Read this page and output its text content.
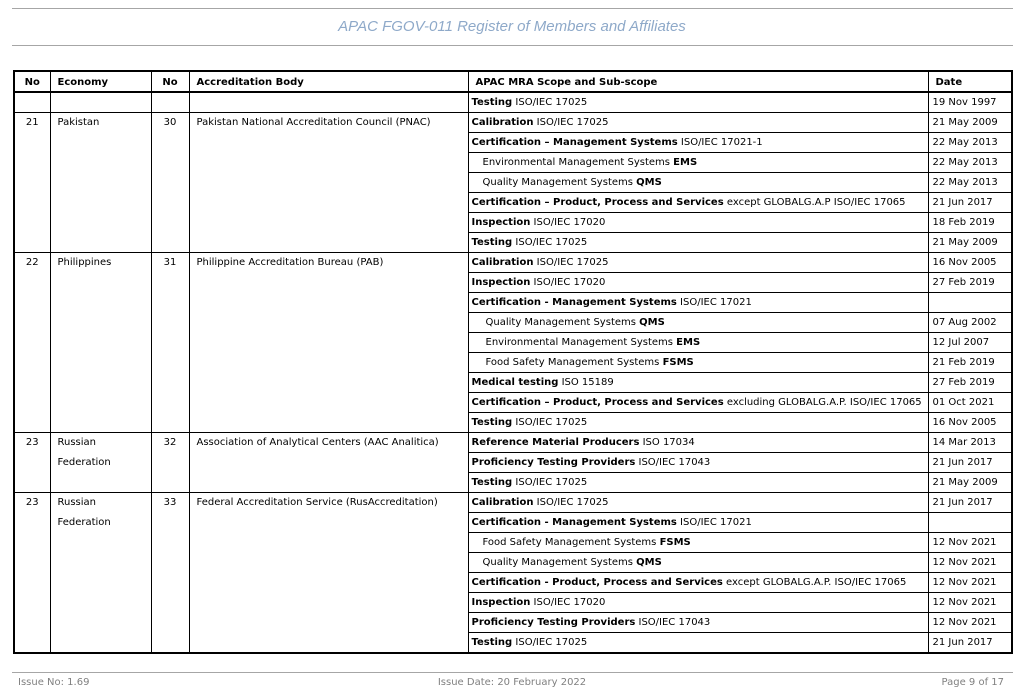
APAC FGOV-011 Register of Members and Affiliates
No	Economy	No	Accreditation Body	APAC MRA Scope and Sub-scope	Date
				Testing ISO/IEC 17025	19 Nov 1997
21	Pakistan	30	Pakistan National Accreditation Council (PNAC)	Calibration ISO/IEC 17025	21 May 2009
				Certification – Management Systems ISO/IEC 17021-1	22 May 2013
				Environmental Management Systems EMS	22 May 2013
				Quality Management Systems QMS	22 May 2013
				Certification – Product, Process and Services except GLOBALG.A.P ISO/IEC 17065	21 Jun 2017
				Inspection ISO/IEC 17020	18 Feb 2019
				Testing ISO/IEC 17025	21 May 2009
22	Philippines	31	Philippine Accreditation Bureau (PAB)	Calibration ISO/IEC 17025	16 Nov 2005
				Inspection ISO/IEC 17020	27 Feb 2019
				Certification - Management Systems ISO/IEC 17021	
				Quality Management Systems QMS	07 Aug 2002
				Environmental Management Systems EMS	12 Jul 2007
				Food Safety Management Systems FSMS	21 Feb 2019
				Medical testing ISO 15189	27 Feb 2019
				Certification – Product, Process and Services excluding GLOBALG.A.P. ISO/IEC 17065	01 Oct 2021
				Testing ISO/IEC 17025	16 Nov 2005
23	Russian	32	Association of Analytical Centers (AAC Analitica)	Reference Material Producers ISO 17034	14 Mar 2013
	Federation			Proficiency Testing Providers ISO/IEC 17043	21 Jun 2017
				Testing ISO/IEC 17025	21 May 2009
23	Russian	33	Federal Accreditation Service (RusAccreditation)	Calibration ISO/IEC 17025	21 Jun 2017
	Federation			Certification - Management Systems ISO/IEC 17021	
				Food Safety Management Systems FSMS	12 Nov 2021
				Quality Management Systems QMS	12 Nov 2021
				Certification - Product, Process and Services except GLOBALG.A.P. ISO/IEC 17065	12 Nov 2021
				Inspection ISO/IEC 17020	12 Nov 2021
				Proficiency Testing Providers ISO/IEC 17043	12 Nov 2021
				Testing ISO/IEC 17025	21 Jun 2017
Issue No: 1.69	Issue Date: 20 February 2022	Page 9 of 17
